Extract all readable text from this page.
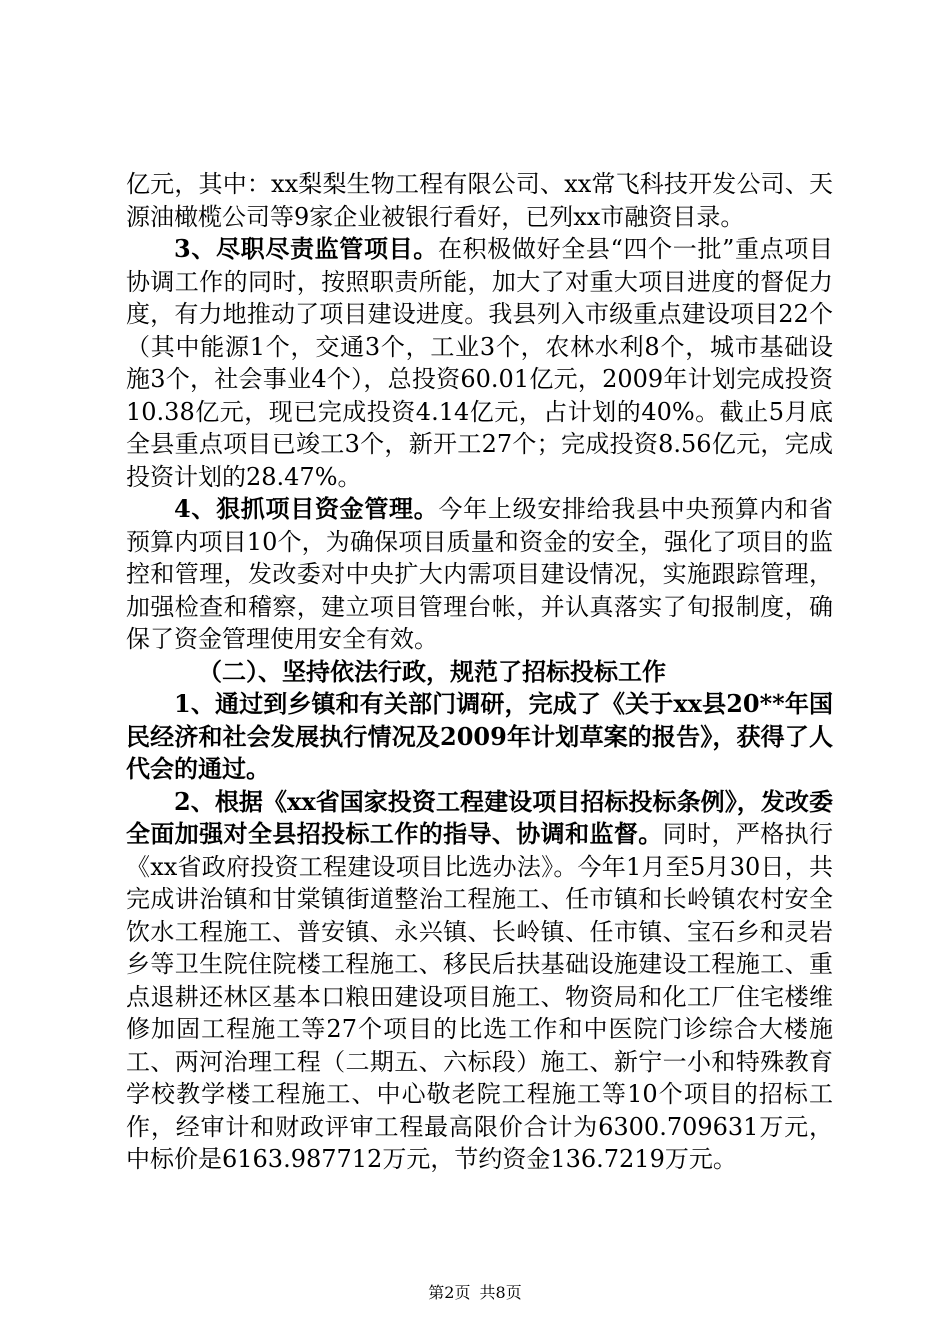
亿元，其中：xx梨梨生物工程有限公司、xx常飞科技开发公司、天源油橄榄公司等9家企业被银行看好，已列xx市融资目录。

3、尽职尽责监管项目。在积极做好全县“四个一批”重点项目协调工作的同时，按照职责所能，加大了对重大项目进度的督促力度，有力地推动了项目建设进度。我县列入市级重点建设项目22个（其中能源1个，交通3个，工业3个，农林水利8个，城市基础设施3个，社会事业4个），总投资60.01亿元，2009年计划完成投资10.38亿元，现已完成投资4.14亿元，占计划的40%。截止5月底全县重点项目已竣工3个，新开工27个；完成投资8.56亿元，完成投资计划的28.47%。

4、狠抓项目资金管理。今年上级安排给我县中央预算内和省预算内项目10个，为确保项目质量和资金的安全，强化了项目的监控和管理，发改委对中央扩大内需项目建设情况，实施跟踪管理，加强检查和稽察，建立项目管理台帐，并认真落实了旬报制度，确保了资金管理使用安全有效。

（二）、坚持依法行政，规范了招标投标工作

1、通过到乡镇和有关部门调研，完成了《关于xx县20**年国民经济和社会发展执行情况及2009年计划草案的报告》，获得了人代会的通过。

2、根据《xx省国家投资工程建设项目招标投标条例》，发改委全面加强对全县招投标工作的指导、协调和监督。同时，严格执行《xx省政府投资工程建设项目比选办法》。今年1月至5月30日，共完成讲治镇和甘棠镇街道整治工程施工、任市镇和长岭镇农村安全饮水工程施工、普安镇、永兴镇、长岭镇、任市镇、宝石乡和灵岩乡等卫生院住院楼工程施工、移民后扶基础设施建设工程施工、重点退耕还林区基本口粮田建设项目施工、物资局和化工厂住宅楼维修加固工程施工等27个项目的比选工作和中医院门诊综合大楼施工、两河治理工程（二期五、六标段）施工、新宁一小和特殊教育学校教学楼工程施工、中心敬老院工程施工等10个项目的招标工作，经审计和财政评审工程最高限价合计为6300.709631万元，中标价是6163.987712万元，节约资金136.7219万元。

第2页 共8页
